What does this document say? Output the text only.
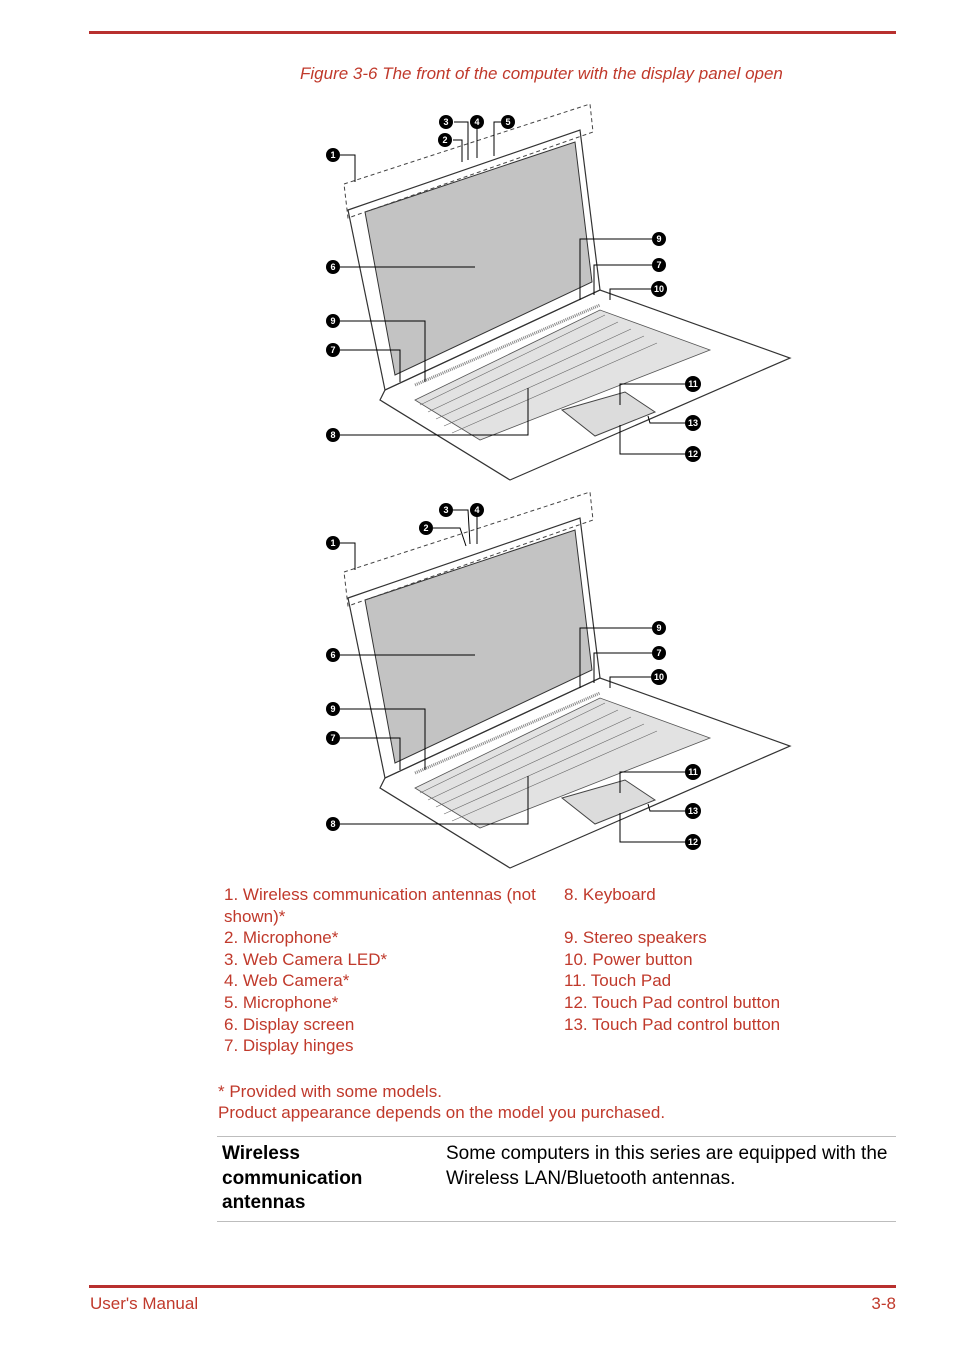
Figure 3-6 The front of the computer with the display panel open
1
2
3	4	5
6
9
7
8
9
7
10
11
13
12
1
2
3	4
6
9
7
8
9
7
10
11
13
12
1. Wireless communication antennas (not shown)*
2. Microphone*
3. Web Camera LED*
4. Web Camera*
5. Microphone*
6. Display screen
7. Display hinges
8. Keyboard

9. Stereo speakers
10. Power button
11. Touch Pad
12. Touch Pad control button
13. Touch Pad control button
* Provided with some models.
Product appearance depends on the model you purchased.
Wireless communication antennas
Some computers in this series are equipped with the Wireless LAN/Bluetooth antennas.
User's Manual	3-8
